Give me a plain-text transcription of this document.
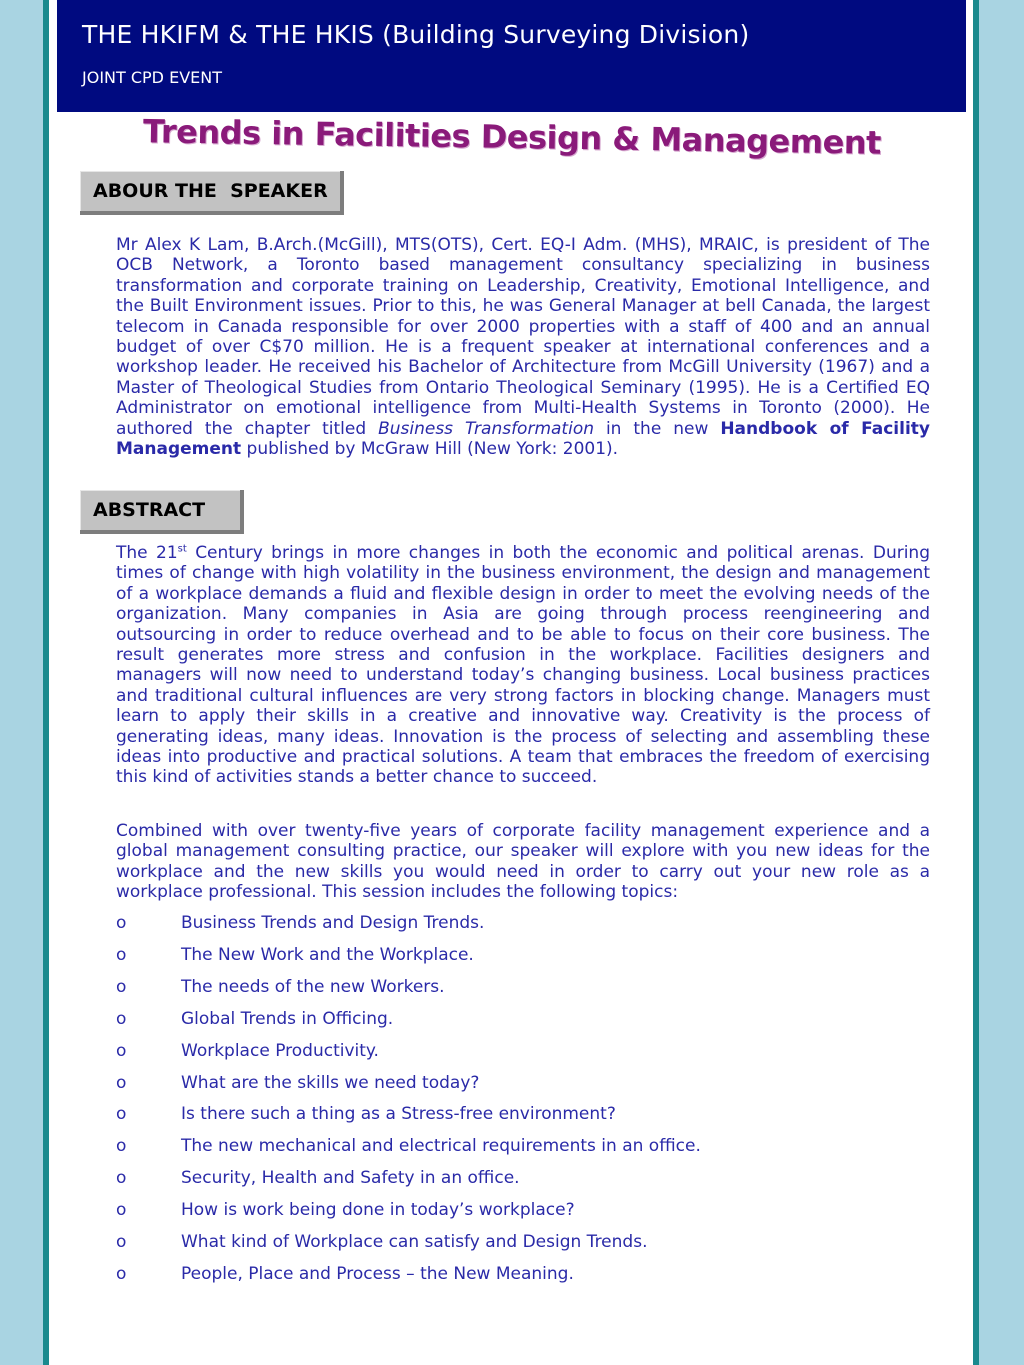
THE HKIFM & THE HKIS (Building Surveying Division)
JOINT CPD EVENT
Trends in Facilities Design & Management
ABOUR THE  SPEAKER

Mr Alex K Lam, B.Arch.(McGill), MTS(OTS), Cert. EQ-I Adm. (MHS), MRAIC, is president of The OCB Network, a Toronto based management consultancy specializing in business transformation and corporate training on Leadership, Creativity, Emotional Intelligence, and the Built Environment issues. Prior to this, he was General Manager at bell Canada, the largest telecom in Canada responsible for over 2000 properties with a staff of 400 and an annual budget of over C$70 million. He is a frequent speaker at international conferences and a workshop leader. He received his Bachelor of Architecture from McGill University (1967) and a Master of Theological Studies from Ontario Theological Seminary (1995). He is a Certified EQ Administrator on emotional intelligence from Multi-Health Systems in Toronto (2000). He authored the chapter titled Business Transformation in the new Handbook of Facility Management published by McGraw Hill (New York: 2001).

ABSTRACT

The 21st Century brings in more changes in both the economic and political arenas. During times of change with high volatility in the business environment, the design and management of a workplace demands a fluid and flexible design in order to meet the evolving needs of the organization. Many companies in Asia are going through process reengineering and outsourcing in order to reduce overhead and to be able to focus on their core business. The result generates more stress and confusion in the workplace. Facilities designers and managers will now need to understand today’s changing business. Local business practices and traditional cultural influences are very strong factors in blocking change. Managers must learn to apply their skills in a creative and innovative way. Creativity is the process of generating ideas, many ideas. Innovation is the process of selecting and assembling these ideas into productive and practical solutions. A team that embraces the freedom of exercising this kind of activities stands a better chance to succeed.

Combined with over twenty-five years of corporate facility management experience and a global management consulting practice, our speaker will explore with you new ideas for the workplace and the new skills you would need in order to carry out your new role as a workplace professional. This session includes the following topics:

o	Business Trends and Design Trends.
o	The New Work and the Workplace.
o	The needs of the new Workers.
o	Global Trends in Officing.
o	Workplace Productivity.
o	What are the skills we need today?
o	Is there such a thing as a Stress-free environment?
o	The new mechanical and electrical requirements in an office.
o	Security, Health and Safety in an office.
o	How is work being done in today’s workplace?
o	What kind of Workplace can satisfy and Design Trends.
o	People, Place and Process – the New Meaning.
